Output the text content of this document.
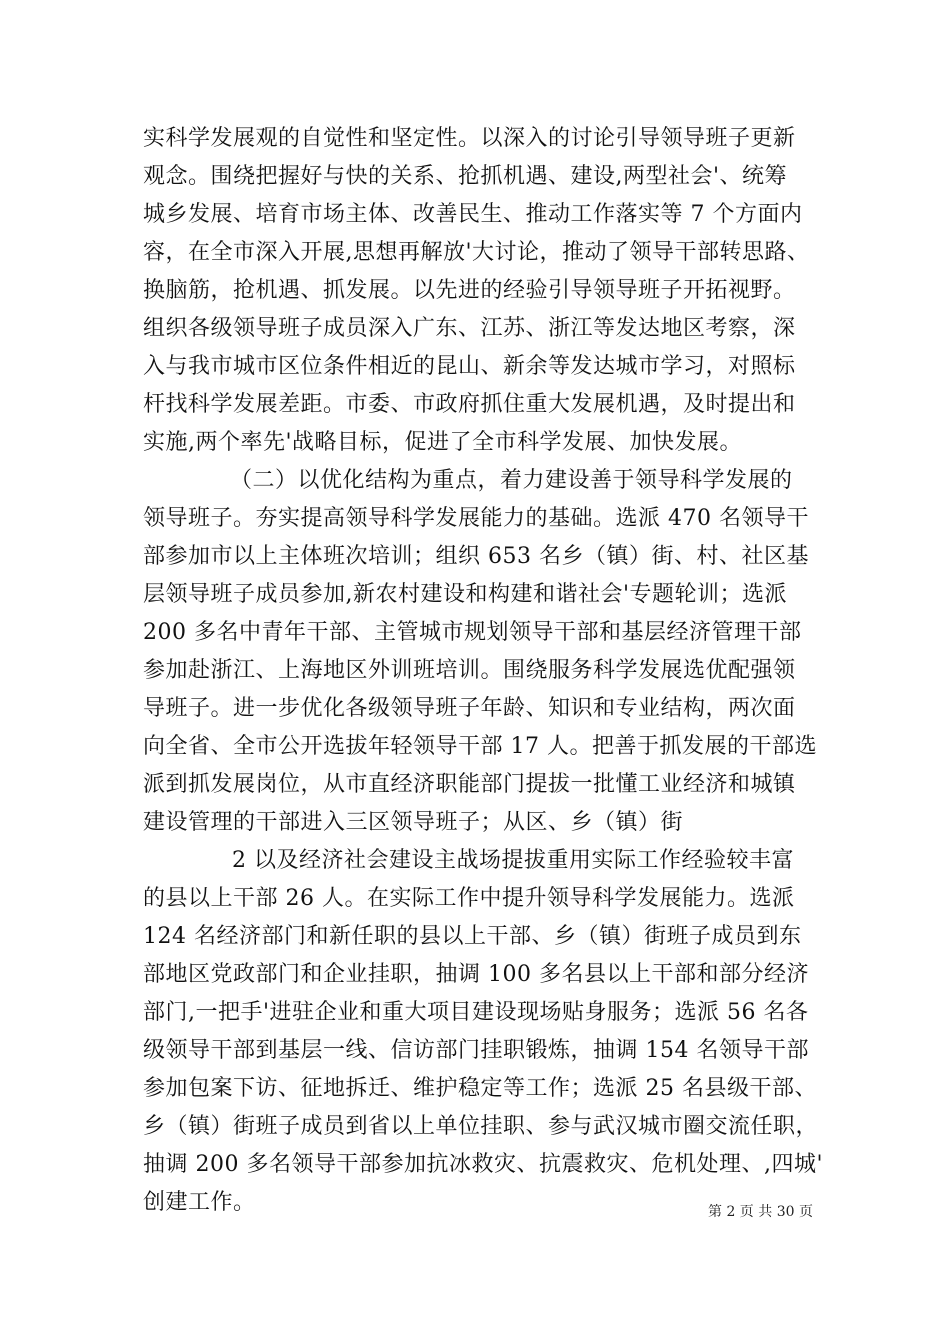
实科学发展观的自觉性和坚定性。以深入的讨论引导领导班子更新
观念。围绕把握好与快的关系、抢抓机遇、建设,两型社会'、统筹
城乡发展、培育市场主体、改善民生、推动工作落实等 7 个方面内
容，在全市深入开展,思想再解放'大讨论，推动了领导干部转思路、
换脑筋，抢机遇、抓发展。以先进的经验引导领导班子开拓视野。
组织各级领导班子成员深入广东、江苏、浙江等发达地区考察，深
入与我市城市区位条件相近的昆山、新余等发达城市学习，对照标
杆找科学发展差距。市委、市政府抓住重大发展机遇，及时提出和
实施,两个率先'战略目标，促进了全市科学发展、加快发展。
（二）以优化结构为重点，着力建设善于领导科学发展的
领导班子。夯实提高领导科学发展能力的基础。选派 470 名领导干
部参加市以上主体班次培训；组织 653 名乡（镇）街、村、社区基
层领导班子成员参加,新农村建设和构建和谐社会'专题轮训；选派
200 多名中青年干部、主管城市规划领导干部和基层经济管理干部
参加赴浙江、上海地区外训班培训。围绕服务科学发展选优配强领
导班子。进一步优化各级领导班子年龄、知识和专业结构，两次面
向全省、全市公开选拔年轻领导干部 17 人。把善于抓发展的干部选
派到抓发展岗位，从市直经济职能部门提拔一批懂工业经济和城镇
建设管理的干部进入三区领导班子；从区、乡（镇）街
2 以及经济社会建设主战场提拔重用实际工作经验较丰富
的县以上干部 26 人。在实际工作中提升领导科学发展能力。选派
124 名经济部门和新任职的县以上干部、乡（镇）街班子成员到东
部地区党政部门和企业挂职，抽调 100 多名县以上干部和部分经济
部门,一把手'进驻企业和重大项目建设现场贴身服务；选派 56 名各
级领导干部到基层一线、信访部门挂职锻炼，抽调 154 名领导干部
参加包案下访、征地拆迁、维护稳定等工作；选派 25 名县级干部、
乡（镇）街班子成员到省以上单位挂职、参与武汉城市圈交流任职，
抽调 200 多名领导干部参加抗冰救灾、抗震救灾、危机处理、,四城'
创建工作。	第 2 页 共 30 页
